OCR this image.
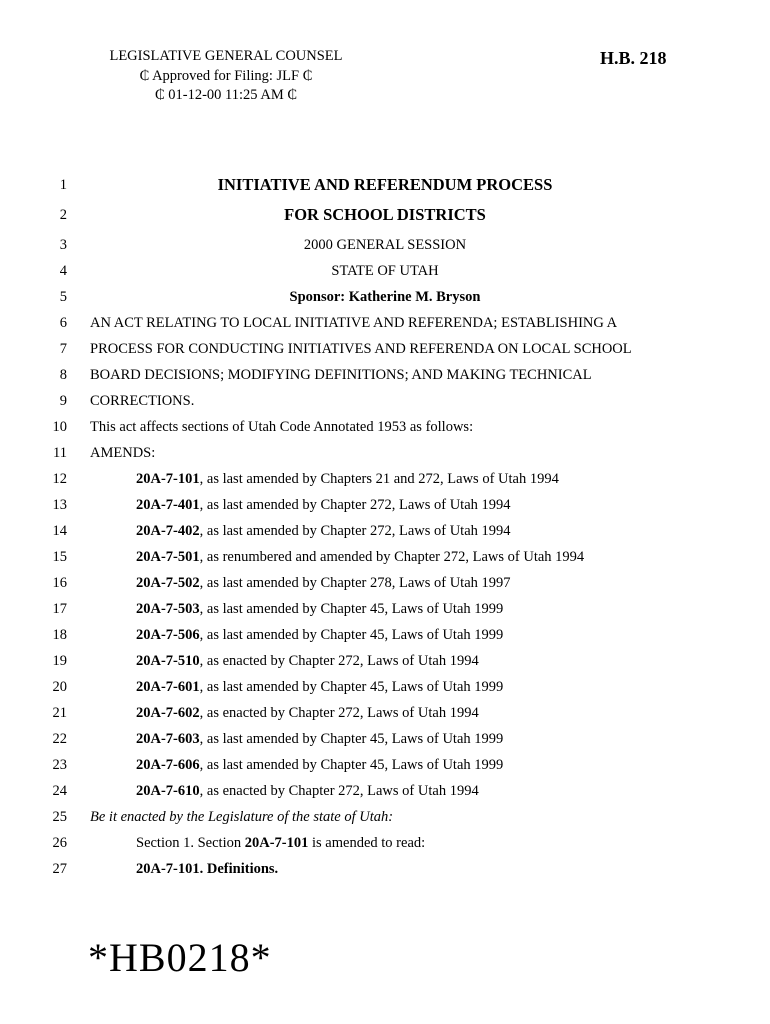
LEGISLATIVE GENERAL COUNSEL
₵ Approved for Filing: JLF ₵
₵ 01-12-00 11:25 AM ₵
H.B. 218
1	INITIATIVE AND REFERENDUM PROCESS
2	FOR SCHOOL DISTRICTS
3	2000 GENERAL SESSION
4	STATE OF UTAH
5	Sponsor: Katherine M. Bryson
6 AN ACT RELATING TO LOCAL INITIATIVE AND REFERENDA; ESTABLISHING A
7 PROCESS FOR CONDUCTING INITIATIVES AND REFERENDA ON LOCAL SCHOOL
8 BOARD DECISIONS; MODIFYING DEFINITIONS; AND MAKING TECHNICAL
9 CORRECTIONS.
10 This act affects sections of Utah Code Annotated 1953 as follows:
11 AMENDS:
12	20A-7-101, as last amended by Chapters 21 and 272, Laws of Utah 1994
13	20A-7-401, as last amended by Chapter 272, Laws of Utah 1994
14	20A-7-402, as last amended by Chapter 272, Laws of Utah 1994
15	20A-7-501, as renumbered and amended by Chapter 272, Laws of Utah 1994
16	20A-7-502, as last amended by Chapter 278, Laws of Utah 1997
17	20A-7-503, as last amended by Chapter 45, Laws of Utah 1999
18	20A-7-506, as last amended by Chapter 45, Laws of Utah 1999
19	20A-7-510, as enacted by Chapter 272, Laws of Utah 1994
20	20A-7-601, as last amended by Chapter 45, Laws of Utah 1999
21	20A-7-602, as enacted by Chapter 272, Laws of Utah 1994
22	20A-7-603, as last amended by Chapter 45, Laws of Utah 1999
23	20A-7-606, as last amended by Chapter 45, Laws of Utah 1999
24	20A-7-610, as enacted by Chapter 272, Laws of Utah 1994
25 Be it enacted by the Legislature of the state of Utah:
26	Section 1. Section 20A-7-101 is amended to read:
27	20A-7-101. Definitions.
*HB0218*
